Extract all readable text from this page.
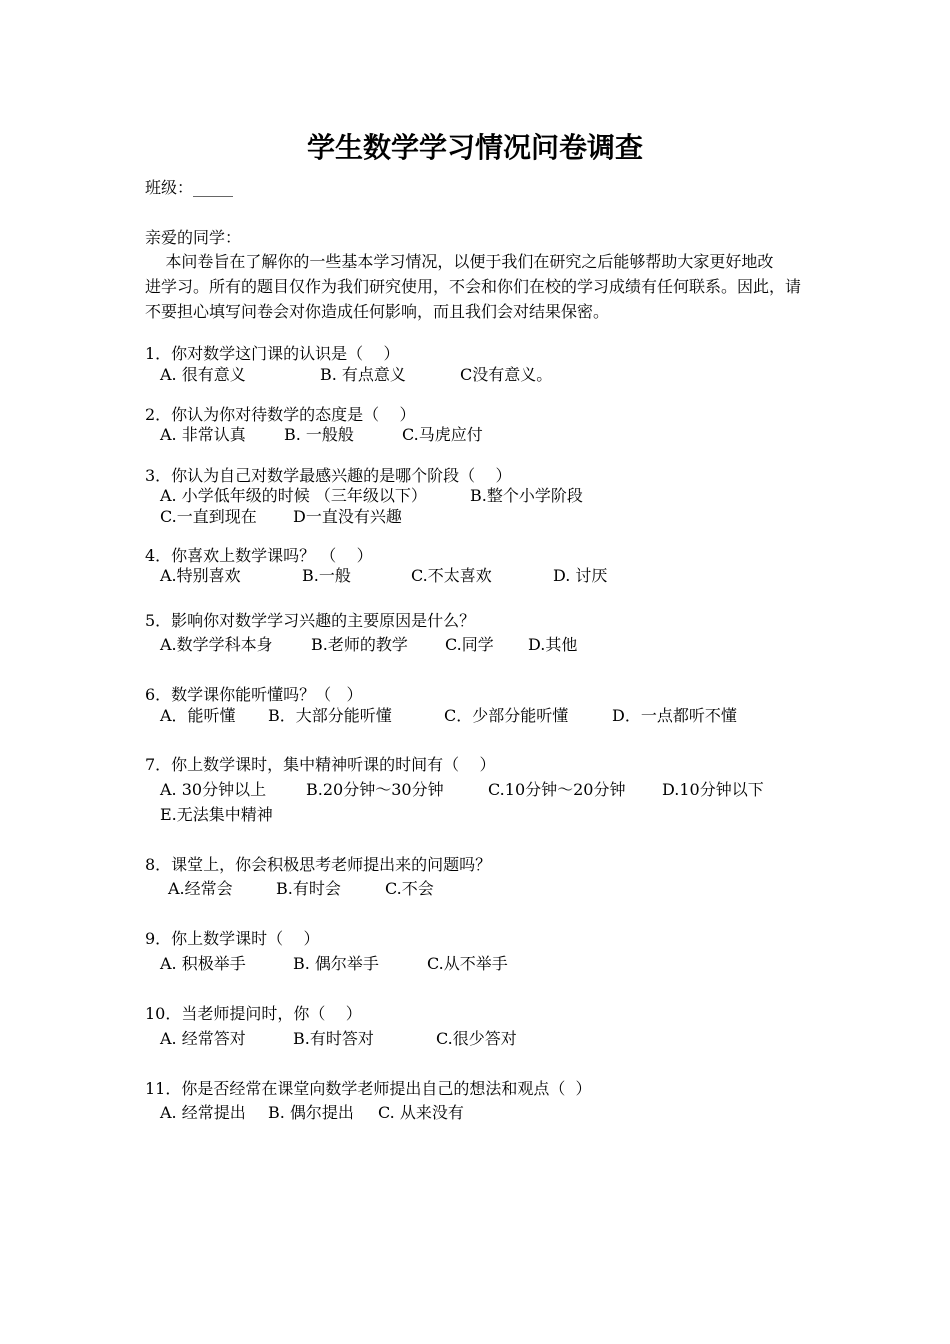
学生数学学习情况问卷调查
班级：_____
亲爱的同学：
本问卷旨在了解你的一些基本学习情况，以便于我们在研究之后能够帮助大家更好地改
进学习。所有的题目仅作为我们研究使用，不会和你们在校的学习成绩有任何联系。因此，请
不要担心填写问卷会对你造成任何影响，而且我们会对结果保密。
1．你对数学这门课的认识是（    ）

A. 很有意义

	B. 有点意义

	C没有意义。

2．你认为你对待数学的态度是（    ）

A. 非常认真

B. 一般般

	C.马虎应付

3．你认为自己对数学最感兴趣的是哪个阶段（    ）

A. 小学低年级的时候 （三年级以下）

	B.整个小学阶段

C.一直到现在

D一直没有兴趣

4．你喜欢上数学课吗？ （    ）

A.特别喜欢

	B.一般

	C.不太喜欢

	D. 讨厌

5．影响你对数学学习兴趣的主要原因是什么？

A.数学学科本身

B.老师的教学

C.同学

D.其他

6．数学课你能听懂吗？（   ）

A．能听懂

B．大部分能听懂

	C．少部分能听懂

	D．一点都听不懂

7．你上数学课时，集中精神听课的时间有（    ）

A. 30分钟以上

B.20分钟～30分钟

	C.10分钟～20分钟

D.10分钟以下

E.无法集中精神

8．课堂上，你会积极思考老师提出来的问题吗？

A.经常会

	B.有时会

	C.不会

9．你上数学课时（    ）

A. 积极举手

	B. 偶尔举手

	C.从不举手

10．当老师提问时，你（    ）

A. 经常答对

	B.有时答对

	C.很少答对

11．你是否经常在课堂向数学老师提出自己的想法和观点（  ）

A. 经常提出

B. 偶尔提出

C. 从来没有
